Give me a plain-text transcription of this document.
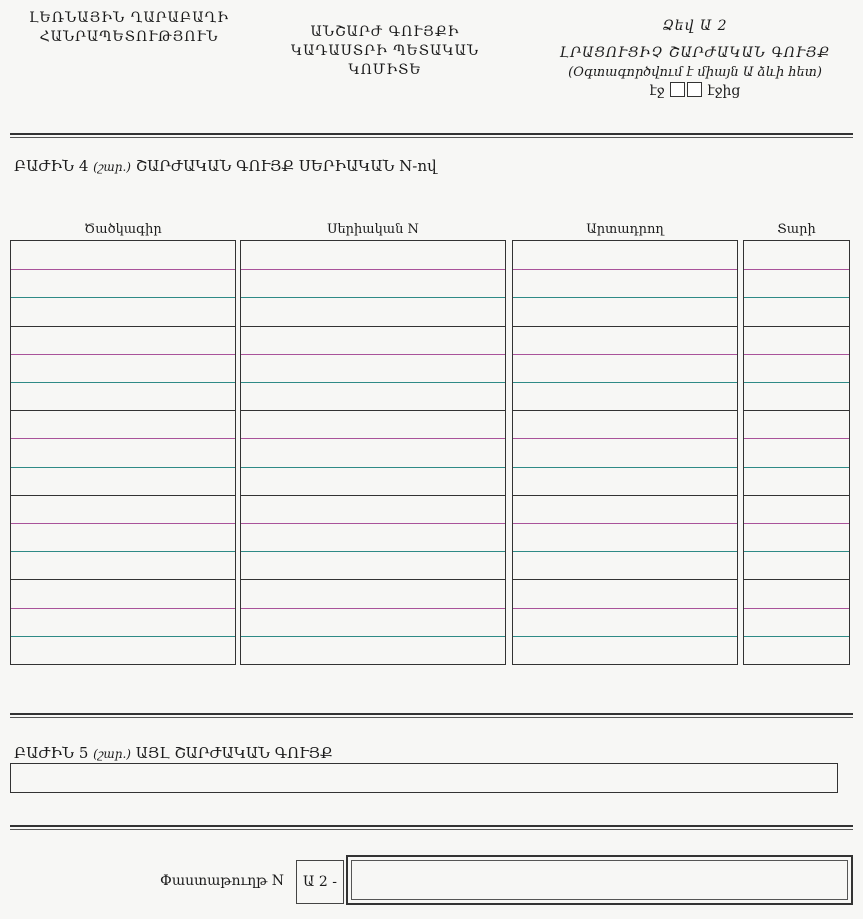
ԼԵՌՆԱՅԻՆ ՂԱՐԱԲԱՂԻ
ՀԱՆՐԱՊԵՏՈՒԹՅՈՒՆ	ԱՆՇԱՐԺ ԳՈՒՅՔԻ
ԿԱԴԱՍՏՐԻ ՊԵՏԱԿԱՆ
ԿՈՄԻՏԵ
Ձեվ Ա 2
ԼՐԱՑՈՒՑԻՉ ՇԱՐԺԱԿԱՆ ԳՈՒՅՔ
(Օգտագործվում է միայն Ա ձևի հետ)
էջ	էջից
ԲԱԺԻՆ 4 (շար.) ՇԱՐԺԱԿԱՆ ԳՈՒՅՔ ՍԵՐԻԱԿԱՆ N-ով
Ծածկագիր	Սերիական N	Արտադրող	Տարի
ԲԱԺԻՆ 5 (շար.) ԱՅԼ ՇԱՐԺԱԿԱՆ ԳՈՒՅՔ
Փաստաթուղթ N	Ա 2 -
